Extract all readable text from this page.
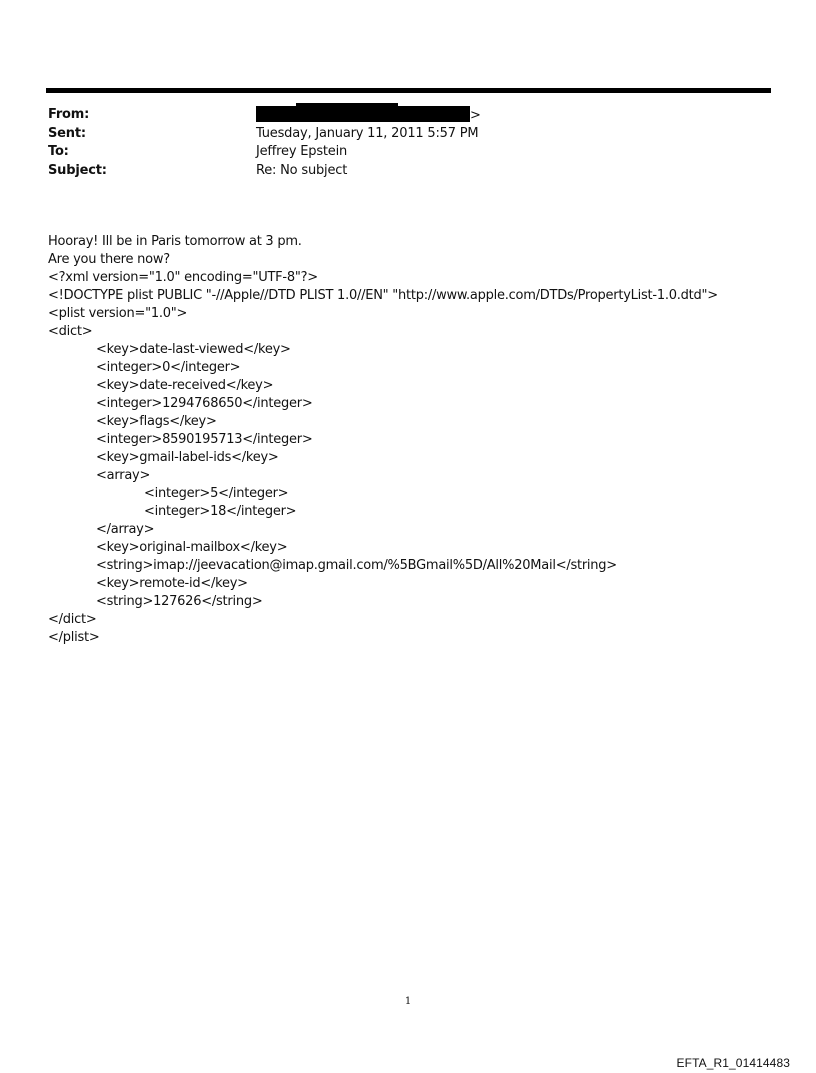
From:	>
Sent:	Tuesday, January 11, 2011 5:57 PM
To:	Jeffrey Epstein
Subject:	Re: No subject
Hooray! Ill be in Paris tomorrow at 3 pm.
Are you there now?
<?xml version="1.0" encoding="UTF-8"?>
<!DOCTYPE plist PUBLIC "-//Apple//DTD PLIST 1.0//EN" "http://www.apple.com/DTDs/PropertyList-1.0.dtd">
<plist version="1.0">
<dict>
<key>date-last-viewed</key>
<integer>0</integer>
<key>date-received</key>
<integer>1294768650</integer>
<key>flags</key>
<integer>8590195713</integer>
<key>gmail-label-ids</key>
<array>
<integer>5</integer>
<integer>18</integer>
</array>
<key>original-mailbox</key>
<string>imap://jeevacation@imap.gmail.com/%5BGmail%5D/All%20Mail</string>
<key>remote-id</key>
<string>127626</string>
</dict>
</plist>
1
EFTA_R1_01414483
